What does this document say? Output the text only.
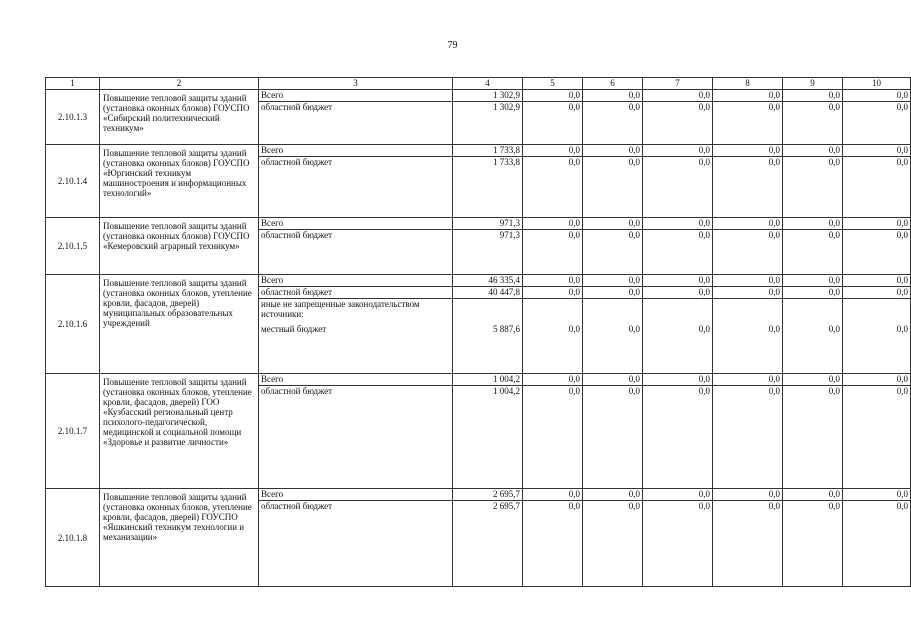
79
1	2	3	4	5	6	7	8	9	10
2.10.1.3	Повышение тепловой защиты зданий (установка оконных блоков) ГОУСПО «Сибирский политехнический техникум»	Всего	1 302,9	0,0	0,0	0,0	0,0	0,0	0,0
		областной бюджет	1 302,9	0,0	0,0	0,0	0,0	0,0	0,0
2.10.1.4	Повышение тепловой защиты зданий (установка оконных блоков) ГОУСПО «Юргинский техникум машиностроения и информационных технологий»	Всего	1 733,8	0,0	0,0	0,0	0,0	0,0	0,0
		областной бюджет	1 733,8	0,0	0,0	0,0	0,0	0,0	0,0
2.10.1.5	Повышение тепловой защиты зданий (установка оконных блоков) ГОУСПО «Кемеровский аграрный техникум»	Всего	971,3	0,0	0,0	0,0	0,0	0,0	0,0
		областной бюджет	971,3	0,0	0,0	0,0	0,0	0,0	0,0
2.10.1.6	Повышение тепловой защиты зданий (установка оконных блоков, утепление кровли, фасадов, дверей) муниципальных образовательных учреждений	Всего	46 335,4	0,0	0,0	0,0	0,0	0,0	0,0
		областной бюджет	40 447,8	0,0	0,0	0,0	0,0	0,0	0,0
		иные не запрещенные законодательством источники:							
		местный бюджет	5 887,6	0,0	0,0	0,0	0,0	0,0	0,0
2.10.1.7	Повышение тепловой защиты зданий (установка оконных блоков, утепление кровли, фасадов, дверей) ГОО «Кузбасский региональный центр психолого-педагогической, медицинской и социальной помощи «Здоровье и развитие личности»	Всего	1 004,2	0,0	0,0	0,0	0,0	0,0	0,0
		областной бюджет	1 004,2	0,0	0,0	0,0	0,0	0,0	0,0
2.10.1.8	Повышение тепловой защиты зданий (установка оконных блоков, утепление кровли, фасадов, дверей) ГОУСПО «Яшкинский техникум технологии и механизации»	Всего	2 695,7	0,0	0,0	0,0	0,0	0,0	0,0
		областной бюджет	2 695,7	0,0	0,0	0,0	0,0	0,0	0,0
